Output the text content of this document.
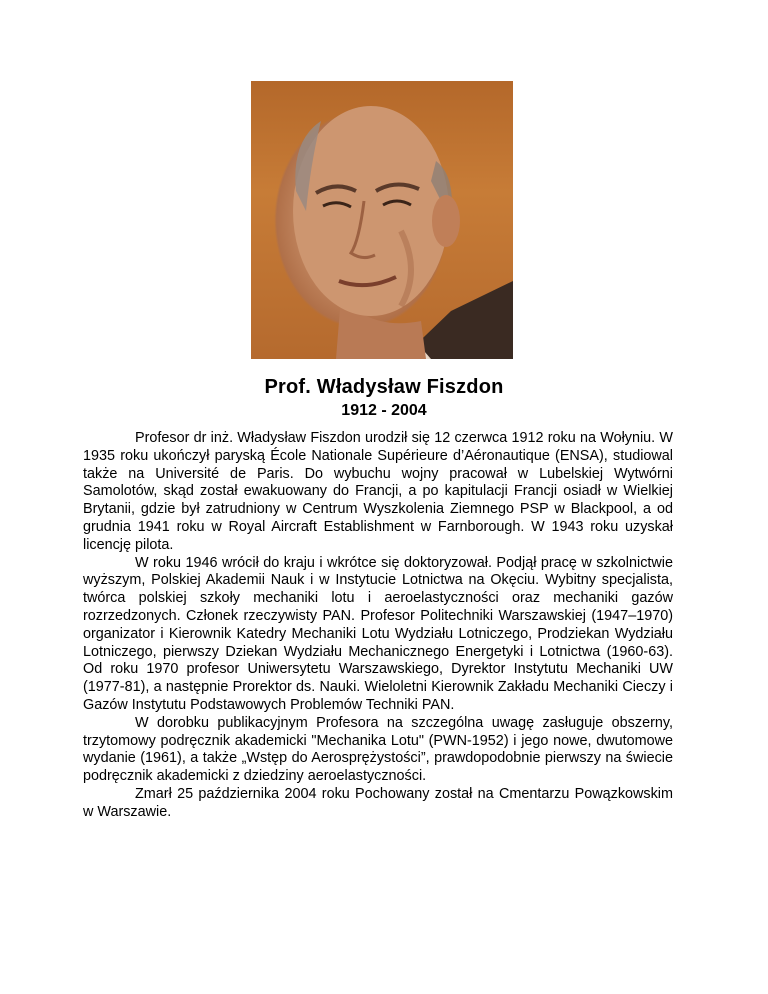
Prof. Władysław Fiszdon
1912 - 2004

Profesor dr inż. Władysław Fiszdon urodził się 12 czerwca 1912 roku na Wołyniu. W 1935 roku ukończył paryską École Nationale Supérieure d’Aéronautique (ENSA), studiowal także na Université de Paris. Do wybuchu wojny pracował w Lubelskiej Wytwórni Samolotów, skąd został ewakuowany do Francji, a po kapitulacji Francji osiadł w Wielkiej Brytanii, gdzie był zatrudniony w Centrum Wyszkolenia Ziemnego PSP w Blackpool, a od grudnia 1941 roku w Royal Aircraft Establishment w Farnborough. W 1943 roku uzyskał licencję pilota.

W roku 1946 wrócił do kraju i wkrótce się doktoryzował. Podjął pracę w szkolnictwie wyższym, Polskiej Akademii Nauk i w Instytucie Lotnictwa na Okęciu. Wybitny specjalista, twórca polskiej szkoły mechaniki lotu i aeroelastyczności oraz mechaniki gazów rozrzedzonych. Członek rzeczywisty PAN. Profesor Politechniki Warszawskiej (1947–1970) organizator i Kierownik Katedry Mechaniki Lotu Wydziału Lotniczego, Prodziekan Wydziału Lotniczego, pierwszy Dziekan Wydziału Mechanicznego Energetyki i Lotnictwa (1960-63). Od roku 1970 profesor Uniwersytetu Warszawskiego, Dyrektor Instytutu Mechaniki UW (1977-81), a następnie Prorektor ds. Nauki. Wieloletni Kierownik Zakładu Mechaniki Cieczy i Gazów Instytutu Podstawowych Problemów Techniki PAN.

W dorobku publikacyjnym Profesora na szczególna uwagę zasługuje obszerny, trzytomowy podręcznik akademicki "Mechanika Lotu" (PWN-1952) i jego nowe, dwutomowe wydanie (1961), a także „Wstęp do Aerosprężystości”, prawdopodobnie pierwszy na świecie podręcznik akademicki z dziedziny aeroelastyczności.

Zmarł 25 października 2004 roku Pochowany został na Cmentarzu Powązkowskim w Warszawie.
